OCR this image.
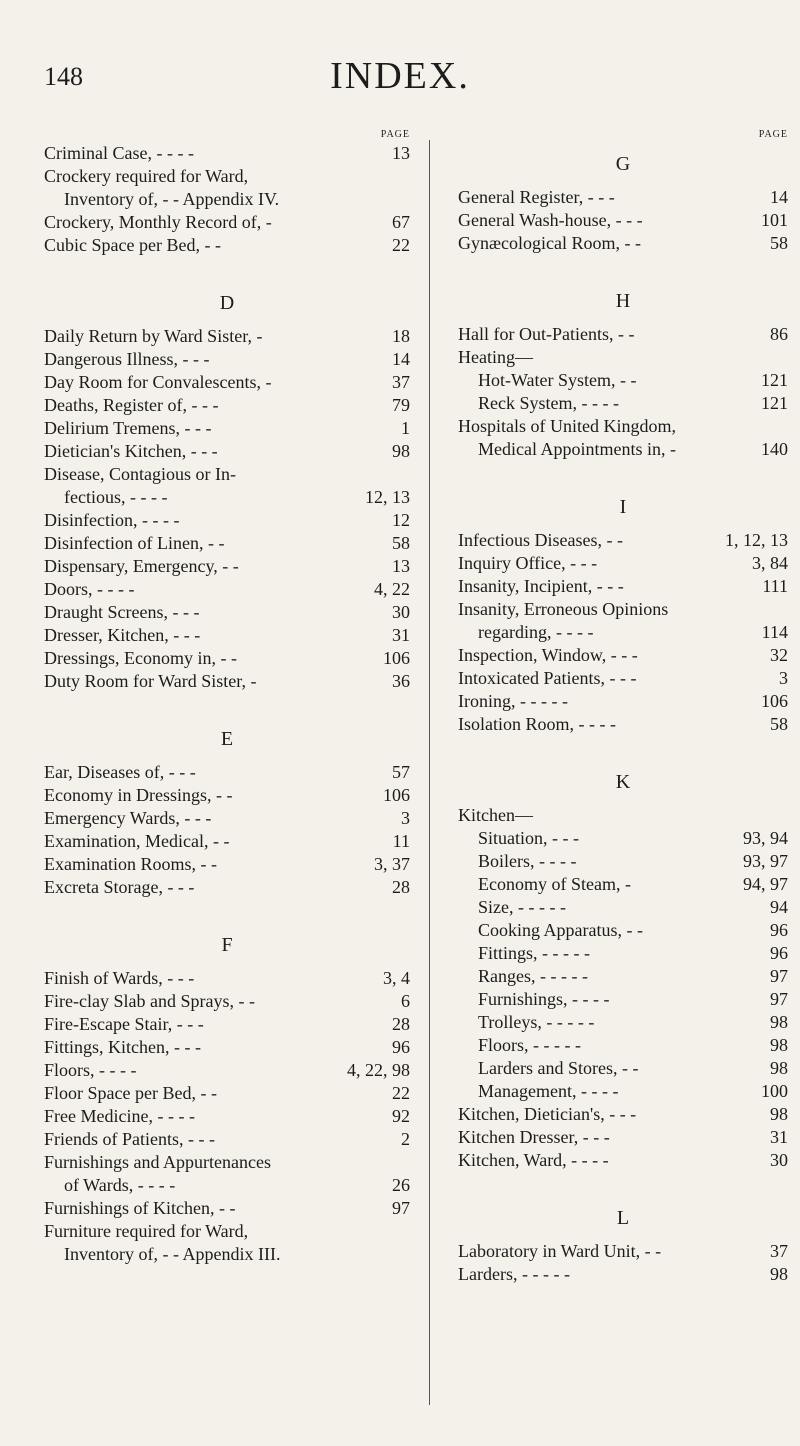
148	INDEX.
PAGE
Criminal Case, - - - -	13
Crockery required for Ward,
Inventory of, - - Appendix IV.
Crockery, Monthly Record of, -	67
Cubic Space per Bed, - -	22
D
Daily Return by Ward Sister, -	18
Dangerous Illness, - - -	14
Day Room for Convalescents, -	37
Deaths, Register of, - - -	79
Delirium Tremens, - - -	1
Dietician's Kitchen, - - -	98
Disease, Contagious or In-
fectious, - - - -	12, 13
Disinfection, - - - -	12
Disinfection of Linen, - -	58
Dispensary, Emergency, - -	13
Doors, - - - -	4, 22
Draught Screens, - - -	30
Dresser, Kitchen, - - -	31
Dressings, Economy in, - -	106
Duty Room for Ward Sister, -	36
E
Ear, Diseases of, - - -	57
Economy in Dressings, - -	106
Emergency Wards, - - -	3
Examination, Medical, - -	11
Examination Rooms, - -	3, 37
Excreta Storage, - - -	28
F
Finish of Wards, - - -	3, 4
Fire-clay Slab and Sprays, - -	6
Fire-Escape Stair, - - -	28
Fittings, Kitchen, - - -	96
Floors, - - - -	4, 22, 98
Floor Space per Bed, - -	22
Free Medicine, - - - -	92
Friends of Patients, - - -	2
Furnishings and Appurtenances
of Wards, - - - -	26
Furnishings of Kitchen, - -	97
Furniture required for Ward,
Inventory of, - - Appendix III.
PAGE
G
General Register, - - -	14
General Wash-house, - - -	101
Gynæcological Room, - -	58
H
Hall for Out-Patients, - -	86
Heating—
Hot-Water System, - -	121
Reck System, - - - -	121
Hospitals of United Kingdom,
Medical Appointments in, -	140
I
Infectious Diseases, - -	1, 12, 13
Inquiry Office, - - -	3, 84
Insanity, Incipient, - - -	111
Insanity, Erroneous Opinions
regarding, - - - -	114
Inspection, Window, - - -	32
Intoxicated Patients, - - -	3
Ironing, - - - - -	106
Isolation Room, - - - -	58
K
Kitchen—
Situation, - - -	93, 94
Boilers, - - - -	93, 97
Economy of Steam, -	94, 97
Size, - - - - -	94
Cooking Apparatus, - -	96
Fittings, - - - - -	96
Ranges, - - - - -	97
Furnishings, - - - -	97
Trolleys, - - - - -	98
Floors, - - - - -	98
Larders and Stores, - -	98
Management, - - - -	100
Kitchen, Dietician's, - - -	98
Kitchen Dresser, - - -	31
Kitchen, Ward, - - - -	30
L
Laboratory in Ward Unit, - -	37
Larders, - - - - -	98
